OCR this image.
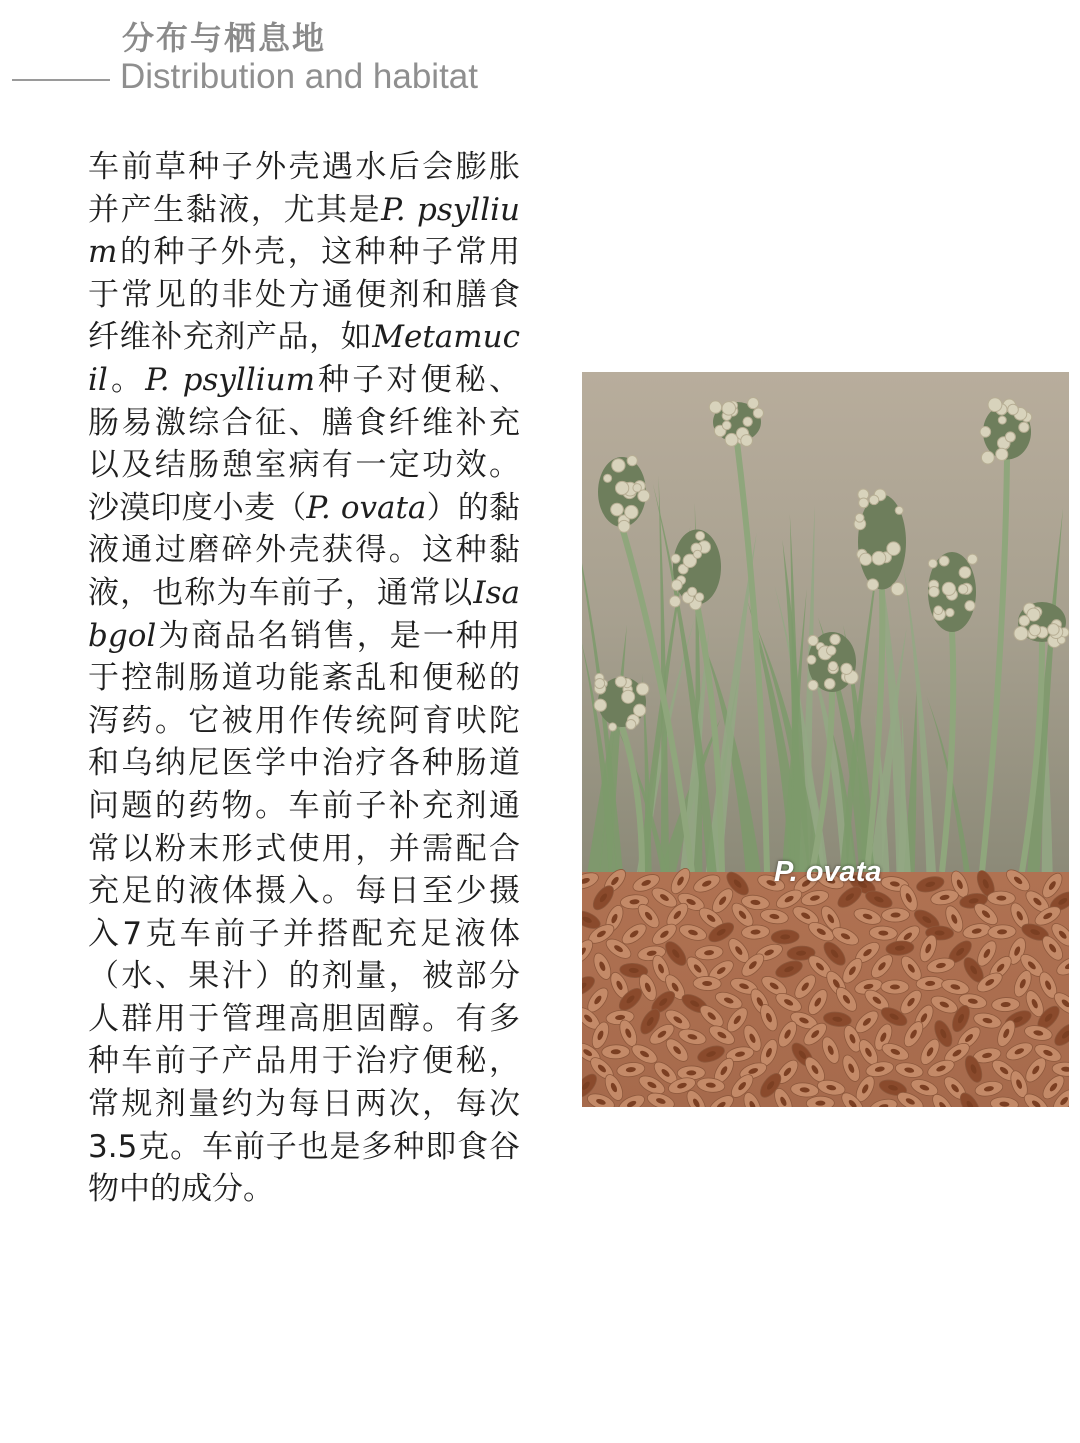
分布与栖息地
Distribution and habitat
车前草种子外壳遇水后会膨胀并产生黏液，尤其是P. psyllium的种子外壳，这种种子常用于常见的非处方通便剂和膳食纤维补充剂产品，如Metamucil。P. psyllium种子对便秘、肠易激综合征、膳食纤维补充以及结肠憩室病有一定功效。沙漠印度小麦（P. ovata）的黏液通过磨碎外壳获得。这种黏液，也称为车前子，通常以Isabgol为商品名销售，是一种用于控制肠道功能紊乱和便秘的泻药。它被用作传统阿育吠陀和乌纳尼医学中治疗各种肠道问题的药物。车前子补充剂通常以粉末形式使用，并需配合充足的液体摄入。每日至少摄入7克车前子并搭配充足液体（水、果汁）的剂量，被部分人群用于管理高胆固醇。有多种车前子产品用于治疗便秘，常规剂量约为每日两次，每次3.5克。车前子也是多种即食谷物中的成分。
P. ovata
